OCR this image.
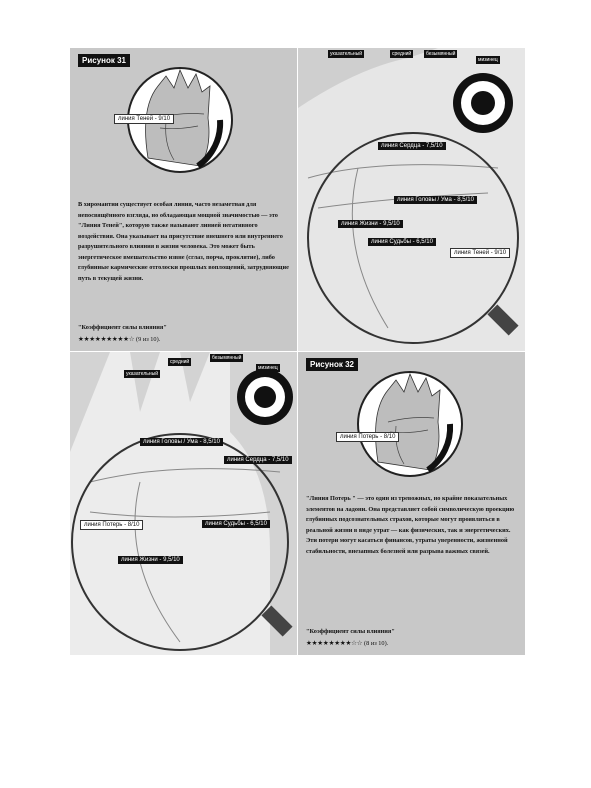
Рисунок 31
линия Теней - 9/10
В хиромантии существует особая линия, часто незаметная для непосвящённого взгляда, но обладающая мощной значимостью — это "Линия Теней", которую также называют линией негативного воздействия. Она указывает на присутствие внешнего или внутреннего разрушительного влияния в жизни человека. Это может быть энергетическое вмешательство извне (сглаз, порча, проклятие), либо глубинные кармические отголоски прошлых воплощений, затрудняющие путь в текущей жизни.
"Коэффициент силы влияния"
★★★★★★★★★☆ (9 из 10).
указательный	средний	безымянный
мизинец
линия Сердца - 7,5/10
линия Головы / Ума - 8,5/10
линия Жизни - 9,5/10
линия Судьбы - 6,5/10
линия Теней - 9/10
указательный
средний
безымянный
мизинец
линия Головы / Ума - 8,5/10
линия Сердца - 7,5/10
линия Потерь - 8/10	линия Судьбы - 6,5/10
линия Жизни - 9,5/10
Рисунок 32
линия Потерь - 8/10
"Линия Потерь " — это один из тревожных, но крайне показательных элементов на ладони. Она представляет собой символическую проекцию глубинных подсознательных страхов, которые могут проявляться в реальной жизни в виде утрат — как физических, так и энергетических. Эти потери могут касаться финансов, утраты уверенности, жизненной стабильности, внезапных болезней или разрыва важных связей.
"Коэффициент силы влияния"
★★★★★★★★☆☆ (8 из 10).
